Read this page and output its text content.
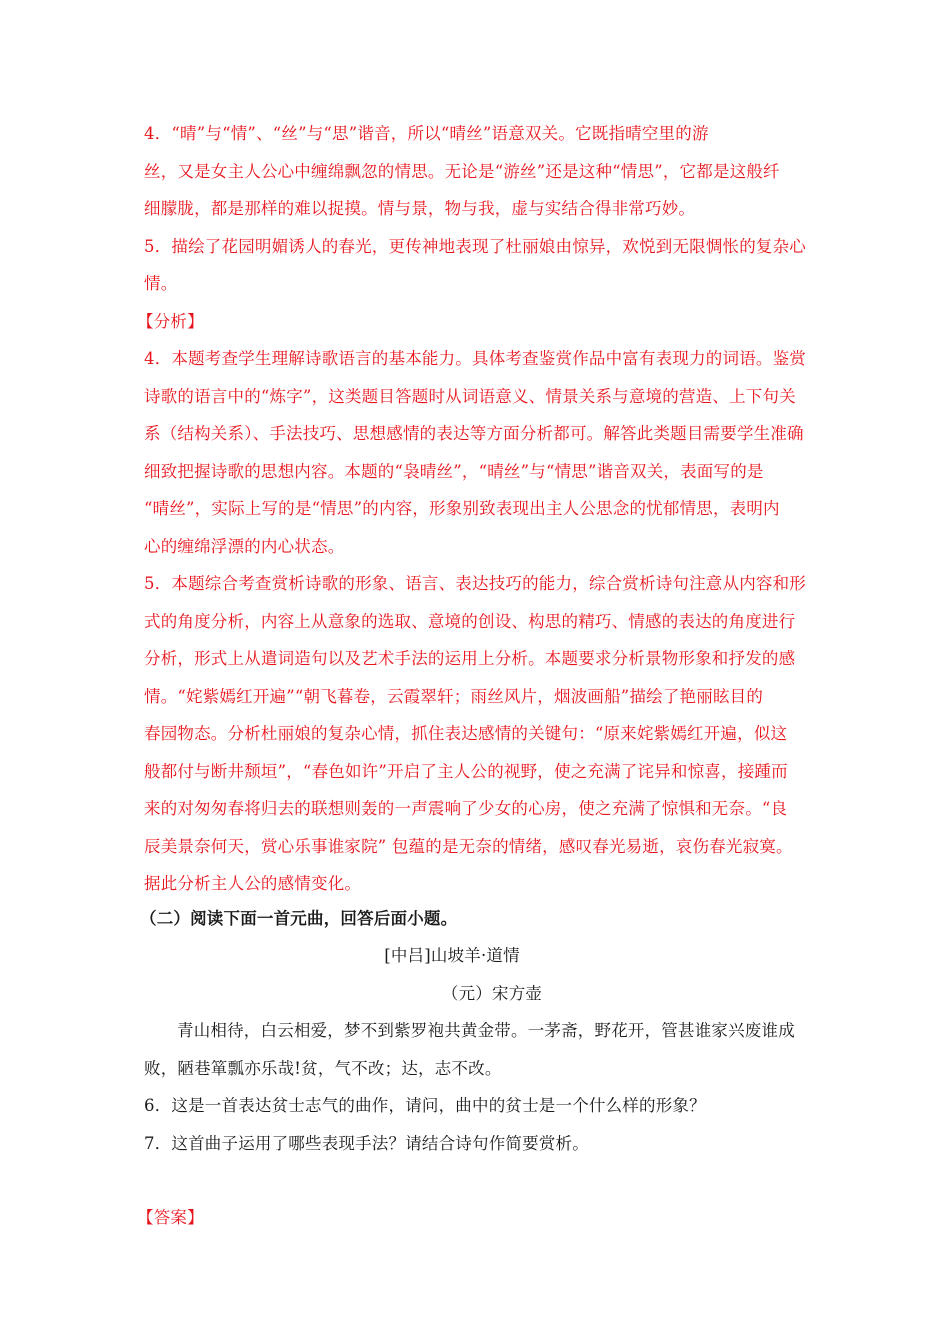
4．“晴”与“情”、“丝”与“思”谐音，所以“晴丝”语意双关。它既指晴空里的游
丝，又是女主人公心中缠绵飘忽的情思。无论是“游丝”还是这种“情思”，它都是这般纤
细朦胧，都是那样的难以捉摸。情与景，物与我，虚与实结合得非常巧妙。
5．描绘了花园明媚诱人的春光，更传神地表现了杜丽娘由惊异，欢悦到无限惆怅的复杂心
情。
【分析】
4．本题考查学生理解诗歌语言的基本能力。具体考查鉴赏作品中富有表现力的词语。鉴赏
诗歌的语言中的“炼字”，这类题目答题时从词语意义、情景关系与意境的营造、上下句关
系（结构关系）、手法技巧、思想感情的表达等方面分析都可。解答此类题目需要学生准确
细致把握诗歌的思想内容。本题的“袅晴丝”，“晴丝”与“情思”谐音双关，表面写的是
“晴丝”，实际上写的是“情思”的内容，形象别致表现出主人公思念的忧郁情思，表明内
心的缠绵浮漂的内心状态。
5．本题综合考查赏析诗歌的形象、语言、表达技巧的能力，综合赏析诗句注意从内容和形
式的角度分析，内容上从意象的选取、意境的创设、构思的精巧、情感的表达的角度进行
分析，形式上从遣词造句以及艺术手法的运用上分析。本题要求分析景物形象和抒发的感
情。“姹紫嫣红开遍”“朝飞暮卷，云霞翠轩；雨丝风片，烟波画船”描绘了艳丽眩目的
春园物态。分析杜丽娘的复杂心情，抓住表达感情的关键句：“原来姹紫嫣红开遍，似这
般都付与断井颓垣”，“春色如许”开启了主人公的视野，使之充满了诧异和惊喜，接踵而
来的对匆匆春将归去的联想则轰的一声震响了少女的心房，使之充满了惊惧和无奈。“良
辰美景奈何天，赏心乐事谁家院” 包蕴的是无奈的情绪，感叹春光易逝，哀伤春光寂寞。
据此分析主人公的感情变化。
（二）阅读下面一首元曲，回答后面小题。
[中吕]山坡羊·道情
（元）宋方壶
青山相待，白云相爱，梦不到紫罗袍共黄金带。一茅斋，野花开，管甚谁家兴废谁成
败，陋巷箪瓢亦乐哉!贫，气不改；达，志不改。
6．这是一首表达贫士志气的曲作，请问，曲中的贫士是一个什么样的形象？
7．这首曲子运用了哪些表现手法？请结合诗句作简要赏析。
【答案】
